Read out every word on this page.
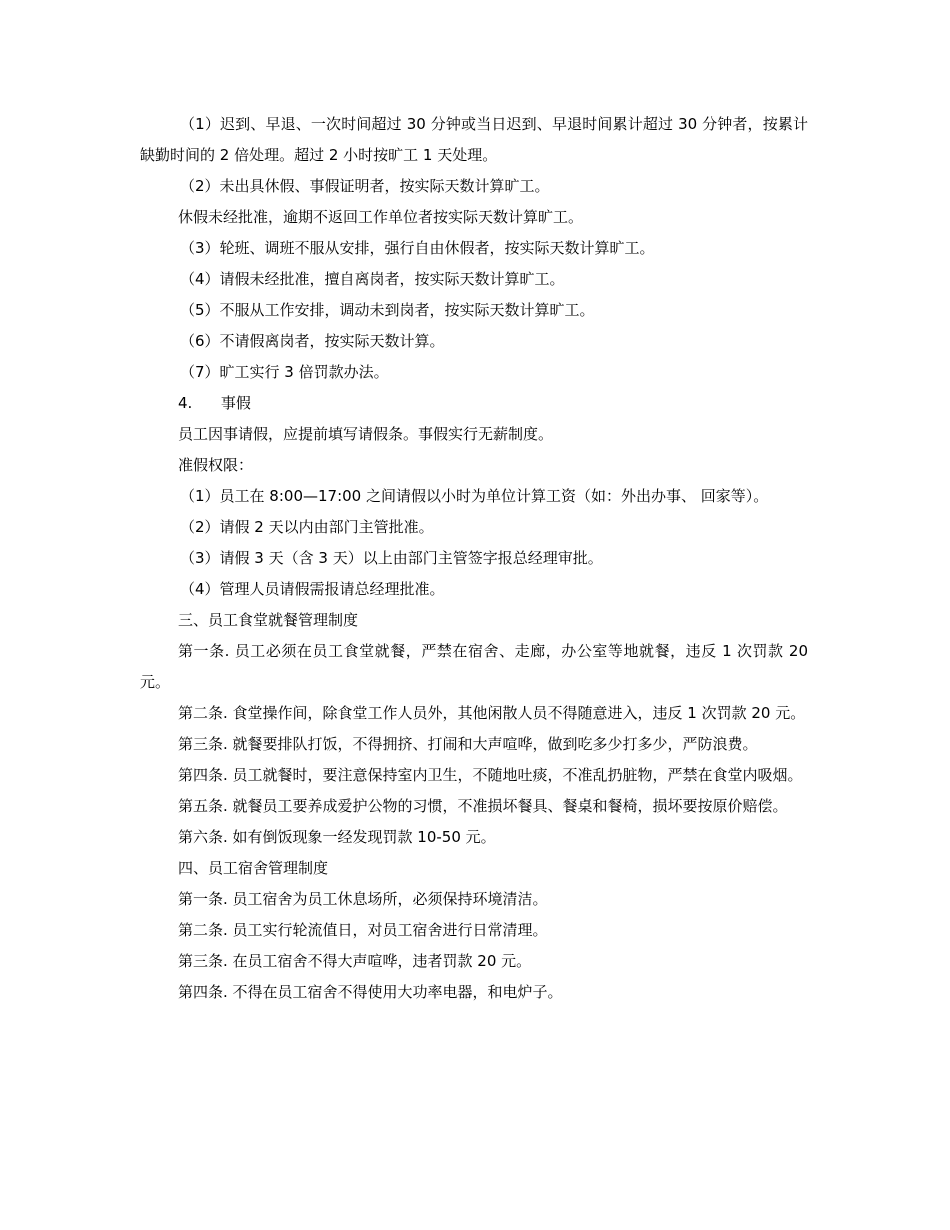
（1）迟到、早退、一次时间超过 30 分钟或当日迟到、早退时间累计超过 30 分钟者，按累计缺勤时间的 2 倍处理。超过 2 小时按旷工 1 天处理。

（2）未出具休假、事假证明者，按实际天数计算旷工。

休假未经批准，逾期不返回工作单位者按实际天数计算旷工。

（3）轮班、调班不服从安排，强行自由休假者，按实际天数计算旷工。

（4）请假未经批准，擅自离岗者，按实际天数计算旷工。

（5）不服从工作安排，调动未到岗者，按实际天数计算旷工。

（6）不请假离岗者，按实际天数计算。

（7）旷工实行 3 倍罚款办法。

4.      事假

员工因事请假，应提前填写请假条。事假实行无薪制度。

准假权限：

（1）员工在 8:00—17:00 之间请假以小时为单位计算工资（如：外出办事、 回家等）。

（2）请假 2 天以内由部门主管批准。

（3）请假 3 天（含 3 天）以上由部门主管签字报总经理审批。

（4）管理人员请假需报请总经理批准。

三、员工食堂就餐管理制度

第一条. 员工必须在员工食堂就餐，严禁在宿舍、走廊，办公室等地就餐，违反 1 次罚款 20 元。

第二条. 食堂操作间，除食堂工作人员外，其他闲散人员不得随意进入，违反 1 次罚款 20 元。

第三条. 就餐要排队打饭，不得拥挤、打闹和大声喧哗，做到吃多少打多少，严防浪费。

第四条. 员工就餐时，要注意保持室内卫生，不随地吐痰，不准乱扔脏物，严禁在食堂内吸烟。

第五条. 就餐员工要养成爱护公物的习惯，不准损坏餐具、餐桌和餐椅，损坏要按原价赔偿。

第六条. 如有倒饭现象一经发现罚款 10-50 元。

四、员工宿舍管理制度

第一条. 员工宿舍为员工休息场所，必须保持环境清洁。

第二条. 员工实行轮流值日，对员工宿舍进行日常清理。

第三条. 在员工宿舍不得大声喧哗，违者罚款 20 元。

第四条. 不得在员工宿舍不得使用大功率电器，和电炉子。
